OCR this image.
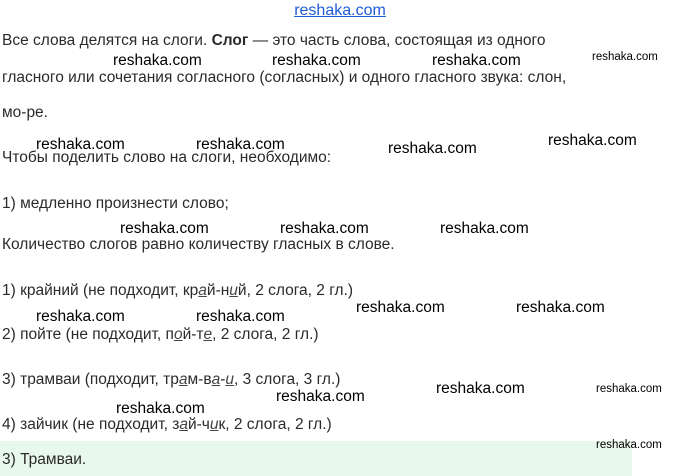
reshaka.com
Все слова делятся на слоги. Слог — это часть слова, состоящая из одного
гласного или сочетания согласного (согласных) и одного гласного звука: слон,
мо-ре.
Чтобы поделить слово на слоги, необходимо:
1) медленно произнести слово;
Количество слогов равно количеству гласных в слове.
1) крайний (не подходит, край-ний, 2 слога, 2 гл.)
2) пойте (не подходит, пой-те, 2 слога, 2 гл.)
3) трамваи (подходит, трам-ва-и, 3 слога, 3 гл.)
4) зайчик (не подходит, зай-чик, 2 слога, 2 гл.)
3) Трамваи.
reshaka.com
reshaka.com	reshaka.com	reshaka.com
reshaka.com
reshaka.com	reshaka.com	reshaka.com
reshaka.com	reshaka.com	reshaka.com
reshaka.com	reshaka.com
reshaka.com	reshaka.com
reshaka.com
reshaka.com
reshaka.com
reshaka.com
reshaka.com
